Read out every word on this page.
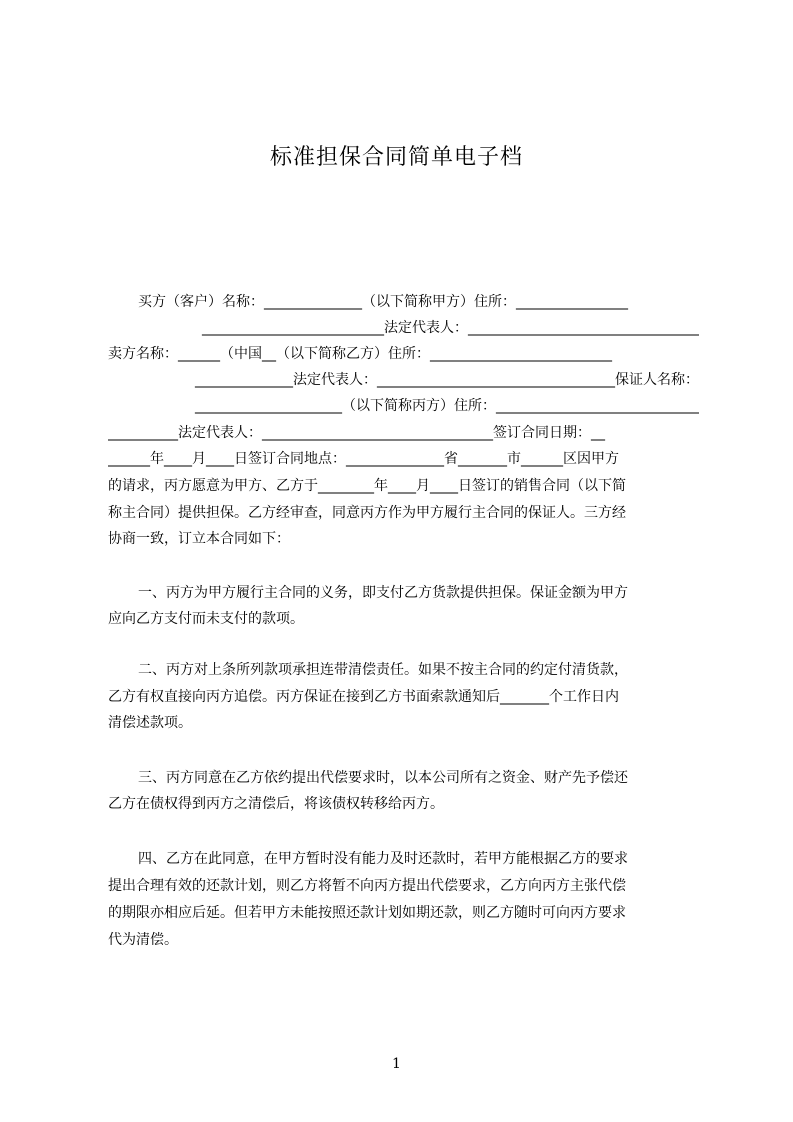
标准担保合同简单电子档
买方（客户）名称：______________（以下简称甲方）住所：________________
__________________________法定代表人：_________________________________
卖方名称：______（中国__（以下简称乙方）住所：__________________________
______________法定代表人：__________________________________保证人名称：
_____________________（以下简称丙方）住所：_____________________________
__________法定代表人：_________________________________签订合同日期：__
______年____月____日签订合同地点：______________省_______市______区因甲方
的请求，丙方愿意为甲方、乙方于________年____月____日签订的销售合同（以下简
称主合同）提供担保。乙方经审查，同意丙方作为甲方履行主合同的保证人。三方经
协商一致，订立本合同如下：
一、丙方为甲方履行主合同的义务，即支付乙方货款提供担保。保证金额为甲方
应向乙方支付而未支付的款项。
二、丙方对上条所列款项承担连带清偿责任。如果不按主合同的约定付清货款，
乙方有权直接向丙方追偿。丙方保证在接到乙方书面索款通知后_______个工作日内
清偿述款项。
三、丙方同意在乙方依约提出代偿要求时，以本公司所有之资金、财产先予偿还
乙方在债权得到丙方之清偿后，将该债权转移给丙方。
四、乙方在此同意，在甲方暂时没有能力及时还款时，若甲方能根据乙方的要求
提出合理有效的还款计划，则乙方将暂不向丙方提出代偿要求，乙方向丙方主张代偿
的期限亦相应后延。但若甲方未能按照还款计划如期还款，则乙方随时可向丙方要求
代为清偿。
1
